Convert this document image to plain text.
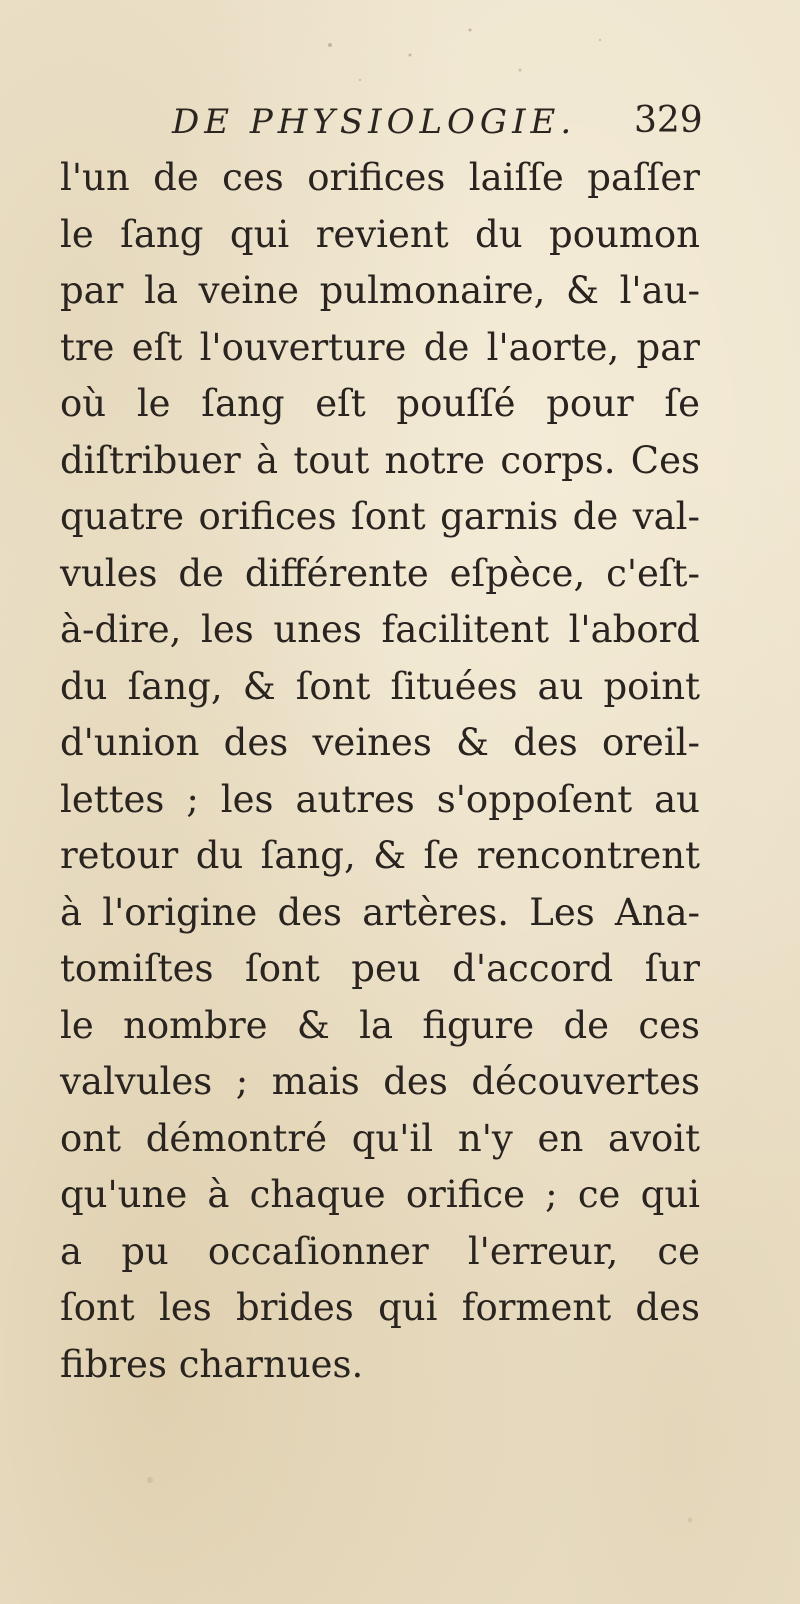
DE PHYSIOLOGIE.	329
l'un de ces orifices laiſſe paſſer
le ſang qui revient du poumon
par la veine pulmonaire, & l'au-
tre eſt l'ouverture de l'aorte, par
où le ſang eſt pouſſé pour ſe
diſtribuer à tout notre corps. Ces
quatre orifices ſont garnis de val-
vules de différente eſpèce, c'eſt-
à-dire, les unes facilitent l'abord
du ſang, & ſont ſituées au point
d'union des veines & des oreil-
lettes ; les autres s'oppoſent au
retour du ſang, & ſe rencontrent
à l'origine des artères. Les Ana-
tomiſtes ſont peu d'accord ſur
le nombre & la figure de ces
valvules ; mais des découvertes
ont démontré qu'il n'y en avoit
qu'une à chaque orifice ; ce qui
a pu occaſionner l'erreur, ce
ſont les brides qui forment des
fibres charnues.
